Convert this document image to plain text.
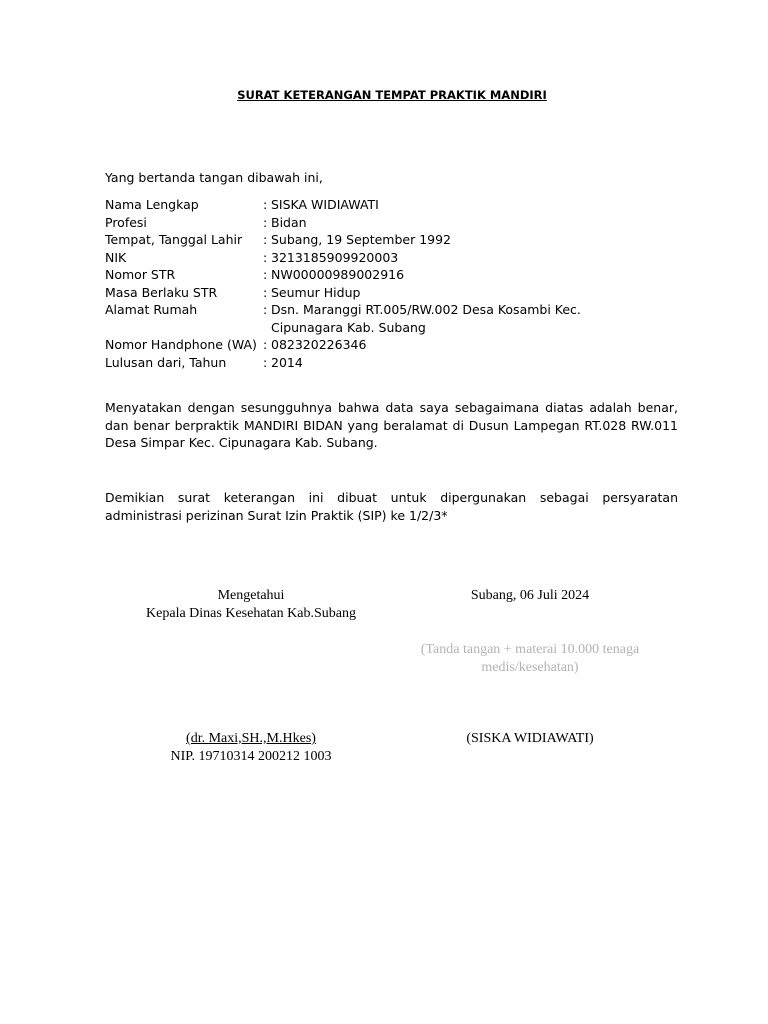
SURAT KETERANGAN TEMPAT PRAKTIK MANDIRI
Yang bertanda tangan dibawah ini,
Nama Lengkap	: SISKA WIDIAWATI
Profesi	: Bidan
Tempat, Tanggal Lahir	: Subang, 19 September 1992
NIK	: 3213185909920003
Nomor STR	: NW00000989002916
Masa Berlaku STR	: Seumur Hidup
Alamat Rumah	: Dsn. Maranggi RT.005/RW.002 Desa Kosambi Kec. Cipunagara Kab. Subang
Nomor Handphone (WA) : 082320226346
Lulusan dari, Tahun	: 2014
Menyatakan dengan sesungguhnya bahwa data saya sebagaimana diatas adalah benar, dan benar berpraktik MANDIRI BIDAN yang beralamat di Dusun Lampegan RT.028 RW.011 Desa Simpar Kec. Cipunagara Kab. Subang.
Demikian surat keterangan ini dibuat untuk dipergunakan sebagai persyaratan administrasi perizinan Surat Izin Praktik (SIP) ke 1/2/3*
Mengetahui
Kepala Dinas Kesehatan Kab.Subang
Subang, 06 Juli 2024
(Tanda tangan + materai 10.000 tenaga medis/kesehatan)
(dr. Maxi,SH.,M.Hkes)
NIP. 19710314 200212 1003
(SISKA WIDIAWATI)
